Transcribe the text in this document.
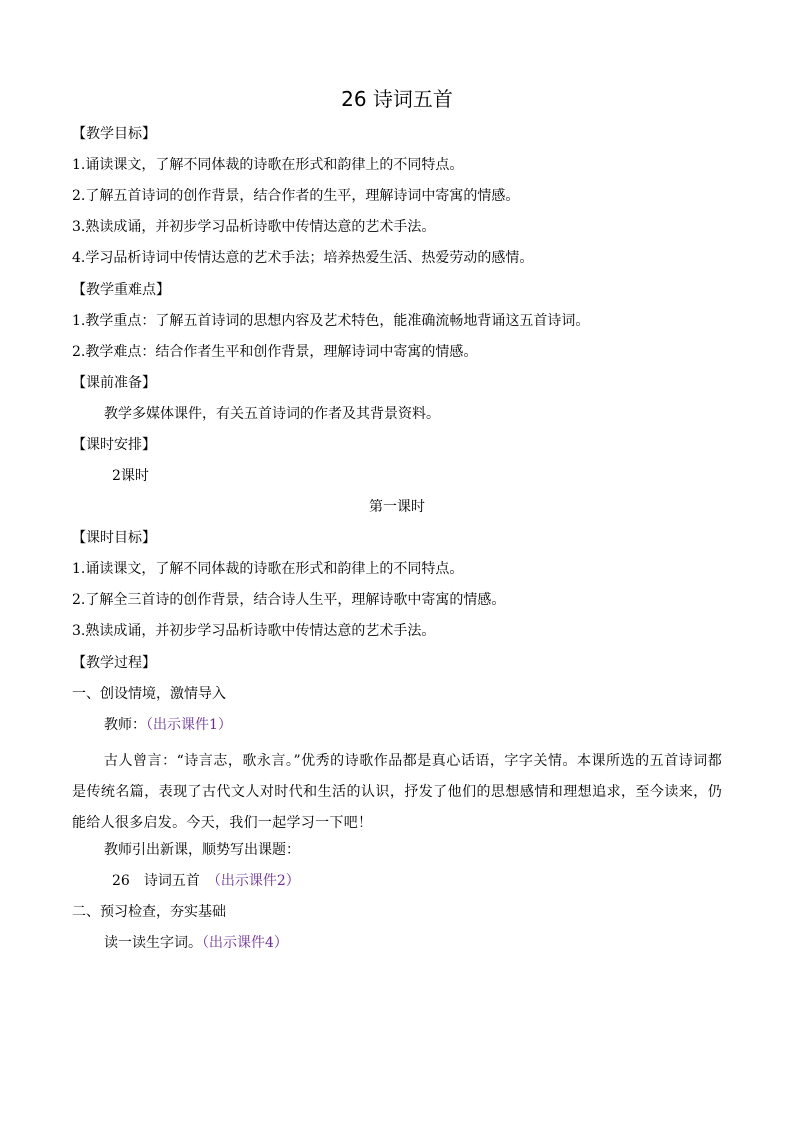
26 诗词五首
【教学目标】
1.诵读课文，了解不同体裁的诗歌在形式和韵律上的不同特点。
2.了解五首诗词的创作背景，结合作者的生平，理解诗词中寄寓的情感。
3.熟读成诵，并初步学习品析诗歌中传情达意的艺术手法。
4.学习品析诗词中传情达意的艺术手法；培养热爱生活、热爱劳动的感情。
【教学重难点】
1.教学重点：了解五首诗词的思想内容及艺术特色，能准确流畅地背诵这五首诗词。
2.教学难点：结合作者生平和创作背景，理解诗词中寄寓的情感。
【课前准备】
教学多媒体课件，有关五首诗词的作者及其背景资料。
【课时安排】
2课时
第一课时
【课时目标】
1.诵读课文，了解不同体裁的诗歌在形式和韵律上的不同特点。
2.了解全三首诗的创作背景，结合诗人生平，理解诗歌中寄寓的情感。
3.熟读成诵，并初步学习品析诗歌中传情达意的艺术手法。
【教学过程】
一、创设情境，激情导入
教师：（出示课件1）
古人曾言：“诗言志，歌永言。”优秀的诗歌作品都是真心话语，字字关情。本课所选的五首诗词都是传统名篇，表现了古代文人对时代和生活的认识，抒发了他们的思想感情和理想追求，至今读来，仍能给人很多启发。今天，我们一起学习一下吧！
教师引出新课，顺势写出课题：
26　诗词五首　 （出示课件2）
二、预习检查，夯实基础
读一读生字词。（出示课件4）
